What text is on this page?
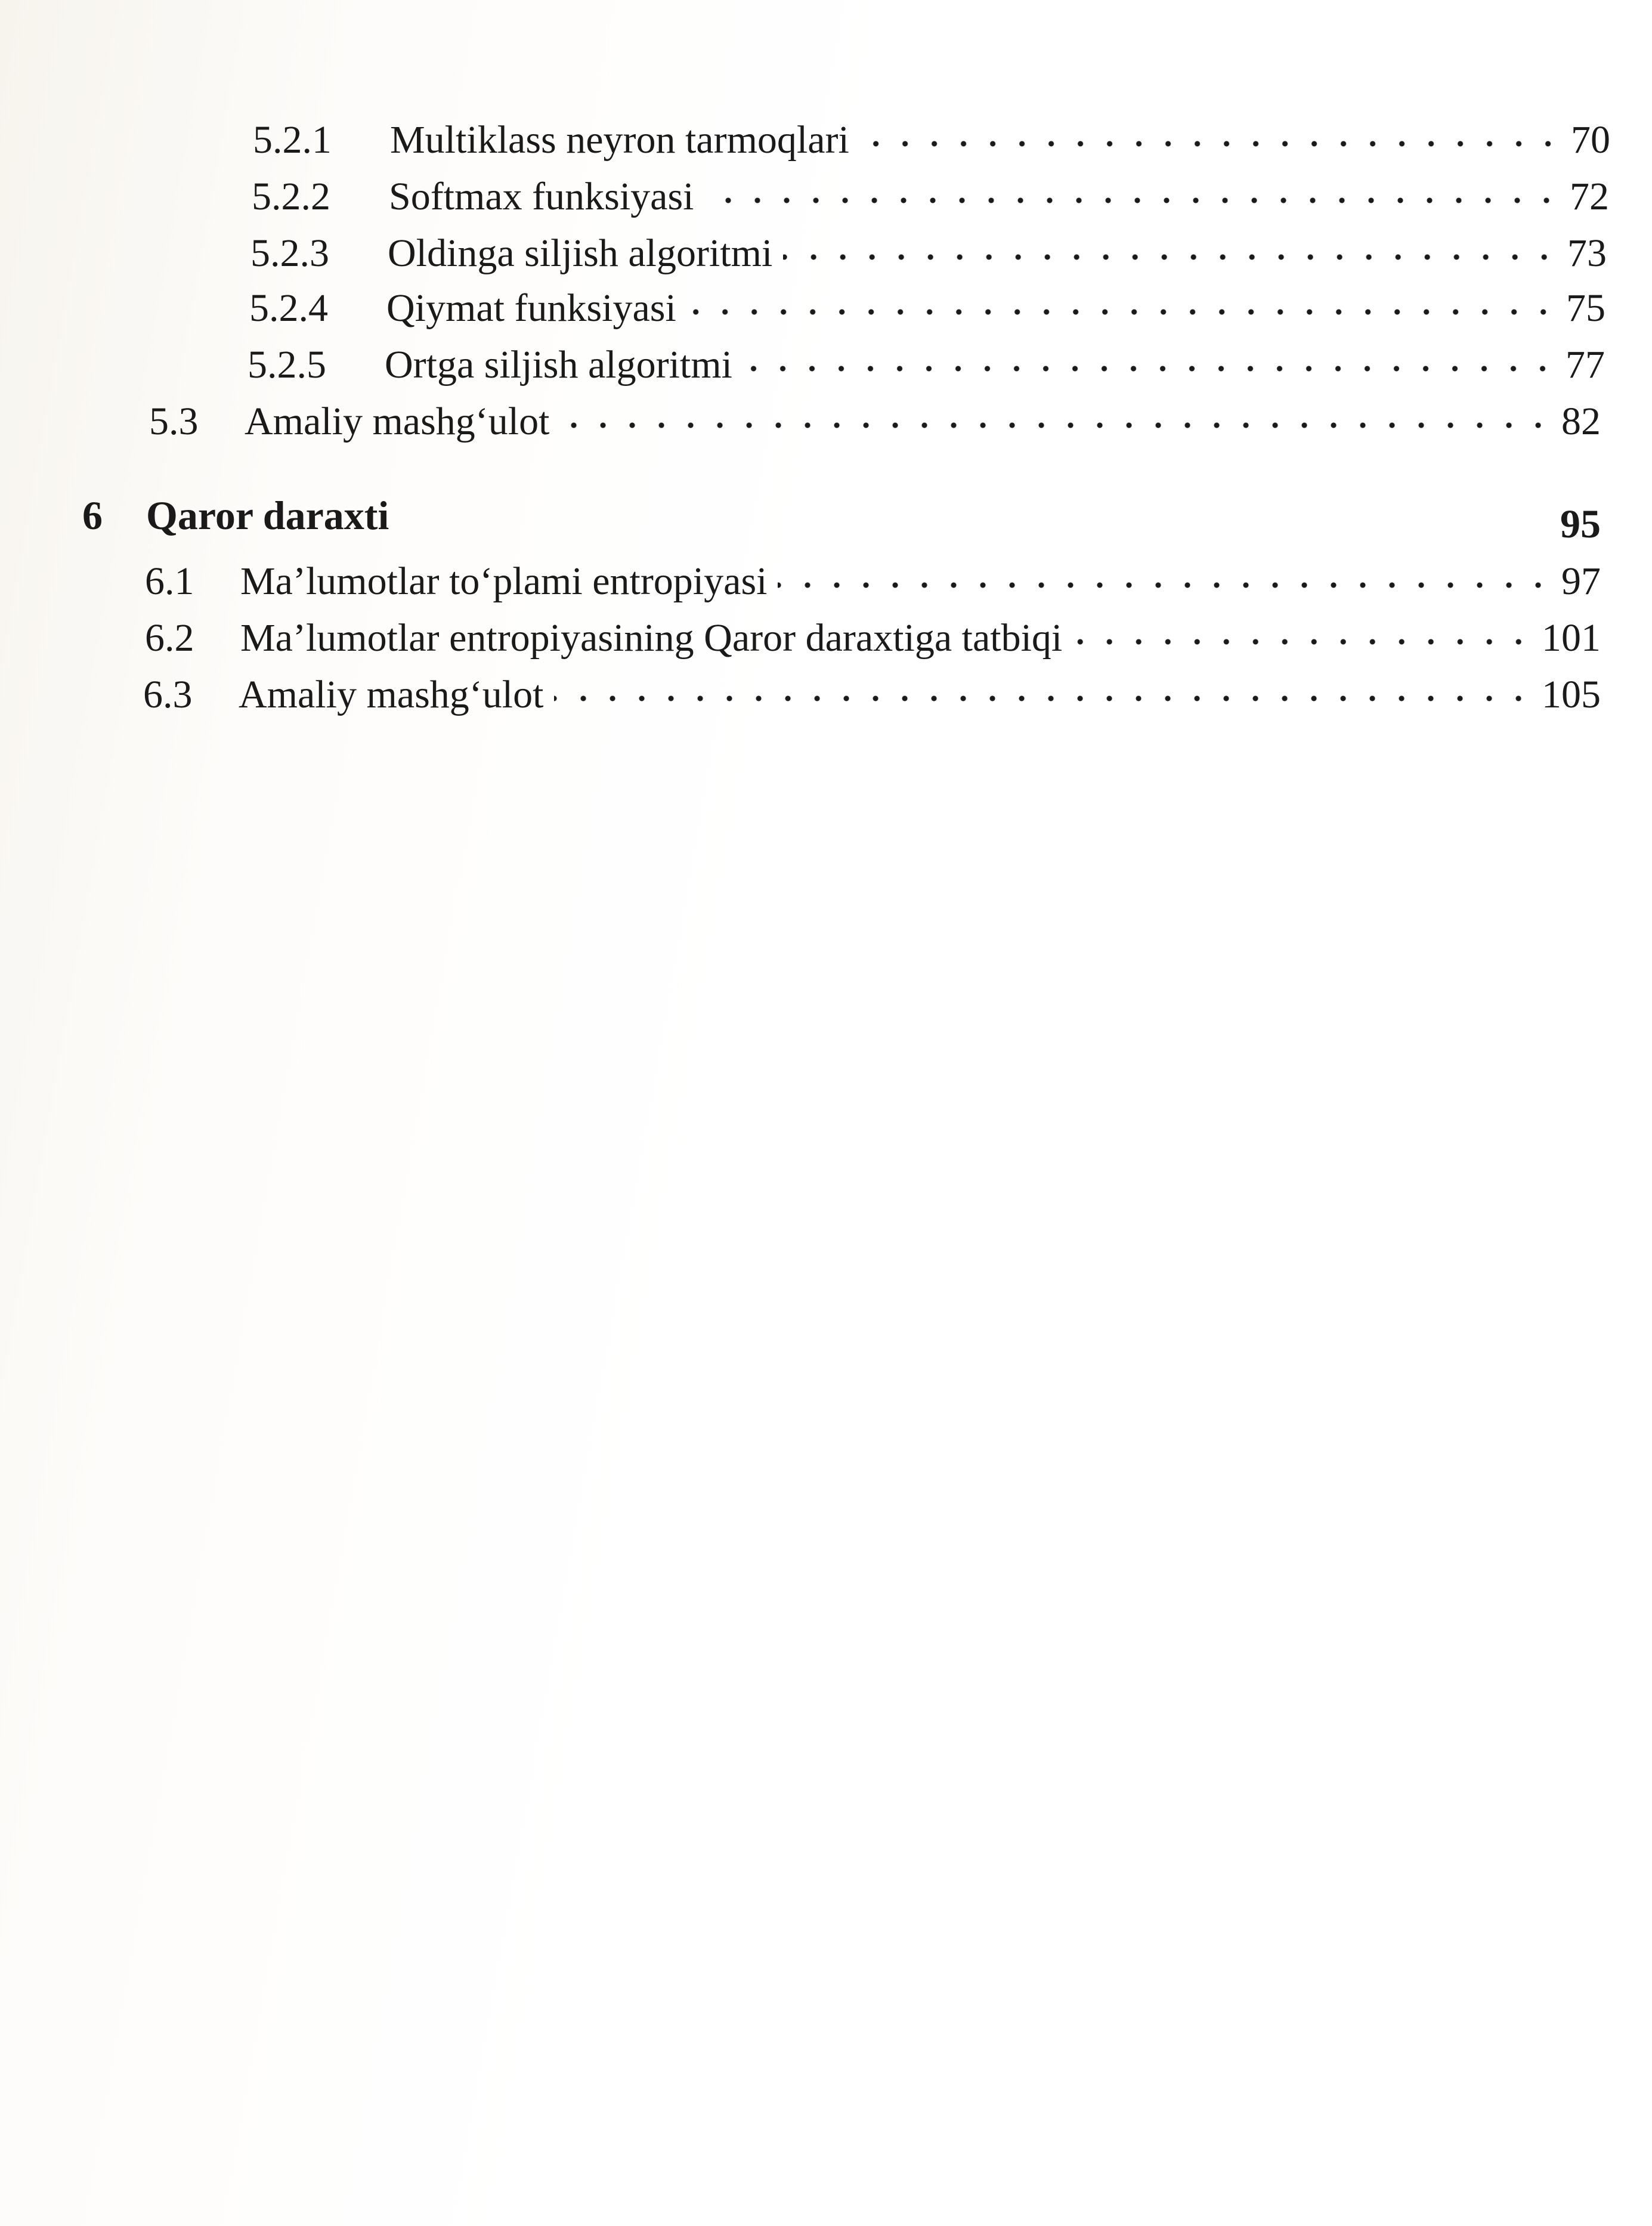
5.2.1	Multiklass neyron tarmoqlari	70
5.2.2	Softmax funksiyasi	72
5.2.3	Oldinga siljish algoritmi	73
5.2.4	Qiymat funksiyasi	75
5.2.5	Ortga siljish algoritmi	77
5.3	Amaliy mashg‘ulot	82
6	Qaror daraxti	95
6.1	Ma’lumotlar to‘plami entropiyasi	97
6.2	Ma’lumotlar entropiyasining Qaror daraxtiga tatbiqi	101
6.3	Amaliy mashg‘ulot	105
